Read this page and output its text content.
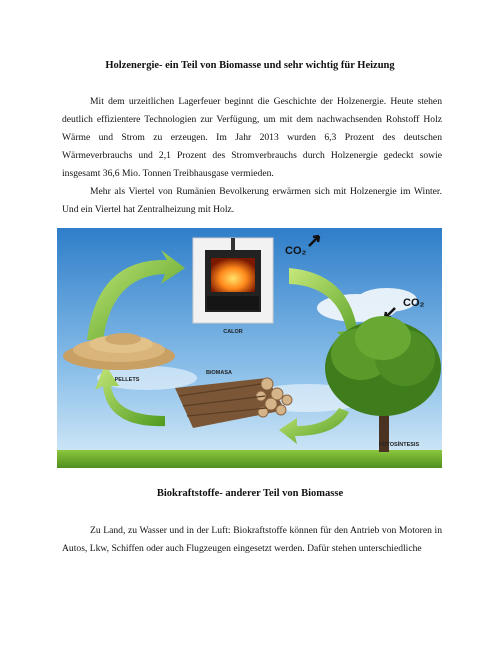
Holzenergie- ein Teil von Biomasse und sehr wichtig für Heizung
Mit dem urzeitlichen Lagerfeuer beginnt die Geschichte der Holzenergie. Heute stehen deutlich effizientere Technologien zur Verfügung, um mit dem nachwachsenden Rohstoff Holz Wärme und Strom zu erzeugen. Im Jahr 2013 wurden 6,3 Prozent des deutschen Wärmeverbrauchs und 2,1 Prozent des Stromverbrauchs durch Holzenergie gedeckt sowie insgesamt 36,6 Mio. Tonnen Treibhausgase vermieden.
Mehr als Viertel von Rumänien Bevolkerung erwärmen sich mit Holzenergie im Winter. Und ein Viertel hat Zentralheizung mit Holz.
CALOR
CO₂
CO₂
PELLETS
BIOMASA
FOTOSÍNTESIS
Biokraftstoffe- anderer Teil von Biomasse
Zu Land, zu Wasser und in der Luft: Biokraftstoffe können für den Antrieb von Motoren in Autos, Lkw, Schiffen oder auch Flugzeugen eingesetzt werden. Dafür stehen unterschiedliche
